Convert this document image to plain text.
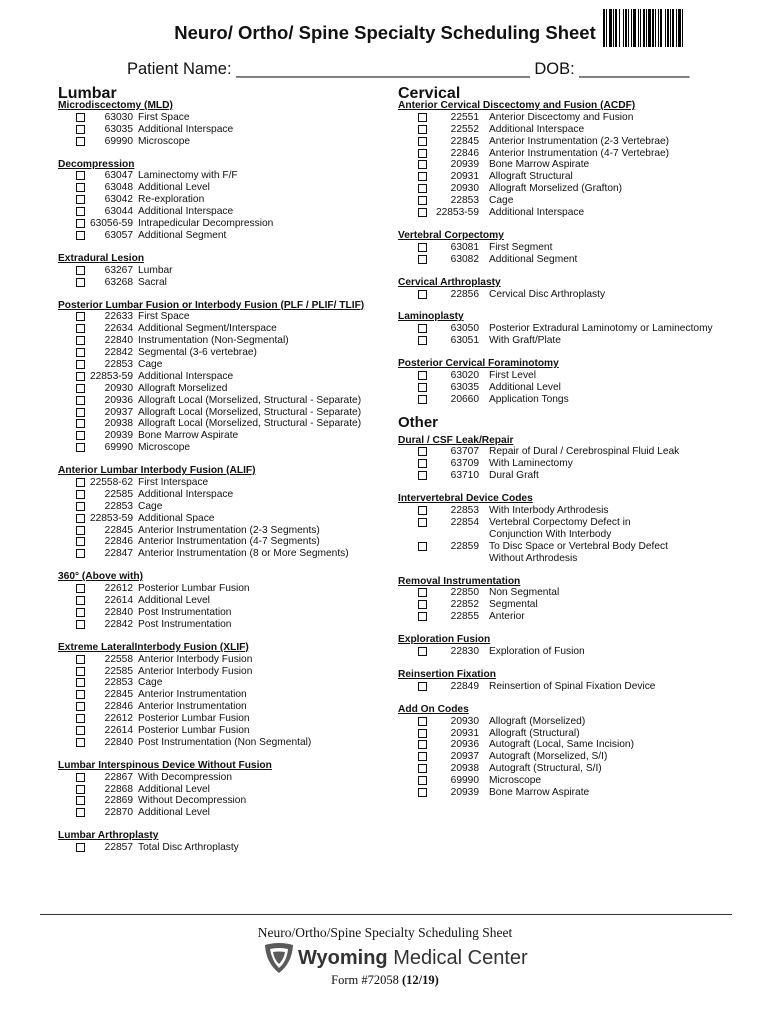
Neuro/ Ortho/ Spine Specialty Scheduling Sheet
Patient Name: ________________________________ DOB: ____________
Lumbar	Cervical
Microdiscectomy (MLD)
63030 First Space
63035 Additional Interspace
69990 Microscope
Decompression
63047 Laminectomy with F/F
63048 Additional Level
63042 Re-exploration
63044 Additional Interspace
63056-59 Intrapedicular Decompression
63057 Additional Segment
Extradural Lesion
63267 Lumbar
63268 Sacral
Posterior Lumbar Fusion or Interbody Fusion (PLF / PLIF/ TLIF)
22633 First Space
22634 Additional Segment/Interspace
22840 Instrumentation (Non-Segmental)
22842 Segmental (3-6 vertebrae)
22853 Cage
22853-59 Additional Interspace
20930 Allograft Morselized
20936 Allograft Local (Morselized, Structural - Separate)
20937 Allograft Local (Morselized, Structural - Separate)
20938 Allograft Local (Morselized, Structural - Separate)
20939 Bone Marrow Aspirate
69990 Microscope
Anterior Lumbar Interbody Fusion (ALIF)
22558-62 First Interspace
22585 Additional Interspace
22853 Cage
22853-59 Additional Space
22845 Anterior Instrumentation (2-3 Segments)
22846 Anterior Instrumentation (4-7 Segments)
22847 Anterior Instrumentation (8 or More Segments)
360° (Above with)
22612 Posterior Lumbar Fusion
22614 Additional Level
22840 Post Instrumentation
22842 Post Instrumentation
Extreme LateralInterbody Fusion (XLIF)
22558 Anterior Interbody Fusion
22585 Anterior Interbody Fusion
22853 Cage
22845 Anterior Instrumentation
22846 Anterior Instrumentation
22612 Posterior Lumbar Fusion
22614 Posterior Lumbar Fusion
22840 Post Instrumentation (Non Segmental)
Lumbar Interspinous Device Without Fusion
22867 With Decompression
22868 Additional Level
22869 Without Decompression
22870 Additional Level
Lumbar Arthroplasty
22857 Total Disc Arthroplasty
Anterior Cervical Discectomy and Fusion (ACDF)
22551 Anterior Discectomy and Fusion
22552 Additional Interspace
22845 Anterior Instrumentation (2-3 Vertebrae)
22846 Anterior Instrumentation (4-7 Vertebrae)
20939 Bone Marrow Aspirate
20931 Allograft Structural
20930 Allograft Morselized (Grafton)
22853 Cage
22853-59 Additional Interspace
Vertebral Corpectomy
63081 First Segment
63082 Additional Segment
Cervical Arthroplasty
22856 Cervical Disc Arthroplasty
Laminoplasty
63050 Posterior Extradural Laminotomy or Laminectomy
63051 With Graft/Plate
Posterior Cervical Foraminotomy
63020 First Level
63035 Additional Level
20660 Application Tongs
Other
Dural / CSF Leak/Repair
63707 Repair of Dural / Cerebrospinal Fluid Leak
63709 With Laminectomy
63710 Dural Graft
Intervertebral Device Codes
22853 With Interbody Arthrodesis
22854 Vertebral Corpectomy Defect in Conjunction With Interbody
22859 To Disc Space or Vertebral Body Defect Without Arthrodesis
Removal Instrumentation
22850 Non Segmental
22852 Segmental
22855 Anterior
Exploration Fusion
22830 Exploration of Fusion
Reinsertion Fixation
22849 Reinsertion of Spinal Fixation Device
Add On Codes
20930 Allograft (Morselized)
20931 Allograft (Structural)
20936 Autograft (Local, Same Incision)
20937 Autograft (Morselized, S/I)
20938 Autograft (Structural, S/I)
69990 Microscope
20939 Bone Marrow Aspirate
Neuro/Ortho/Spine Specialty Scheduling Sheet
Wyoming Medical Center
Form #72058 (12/19)
